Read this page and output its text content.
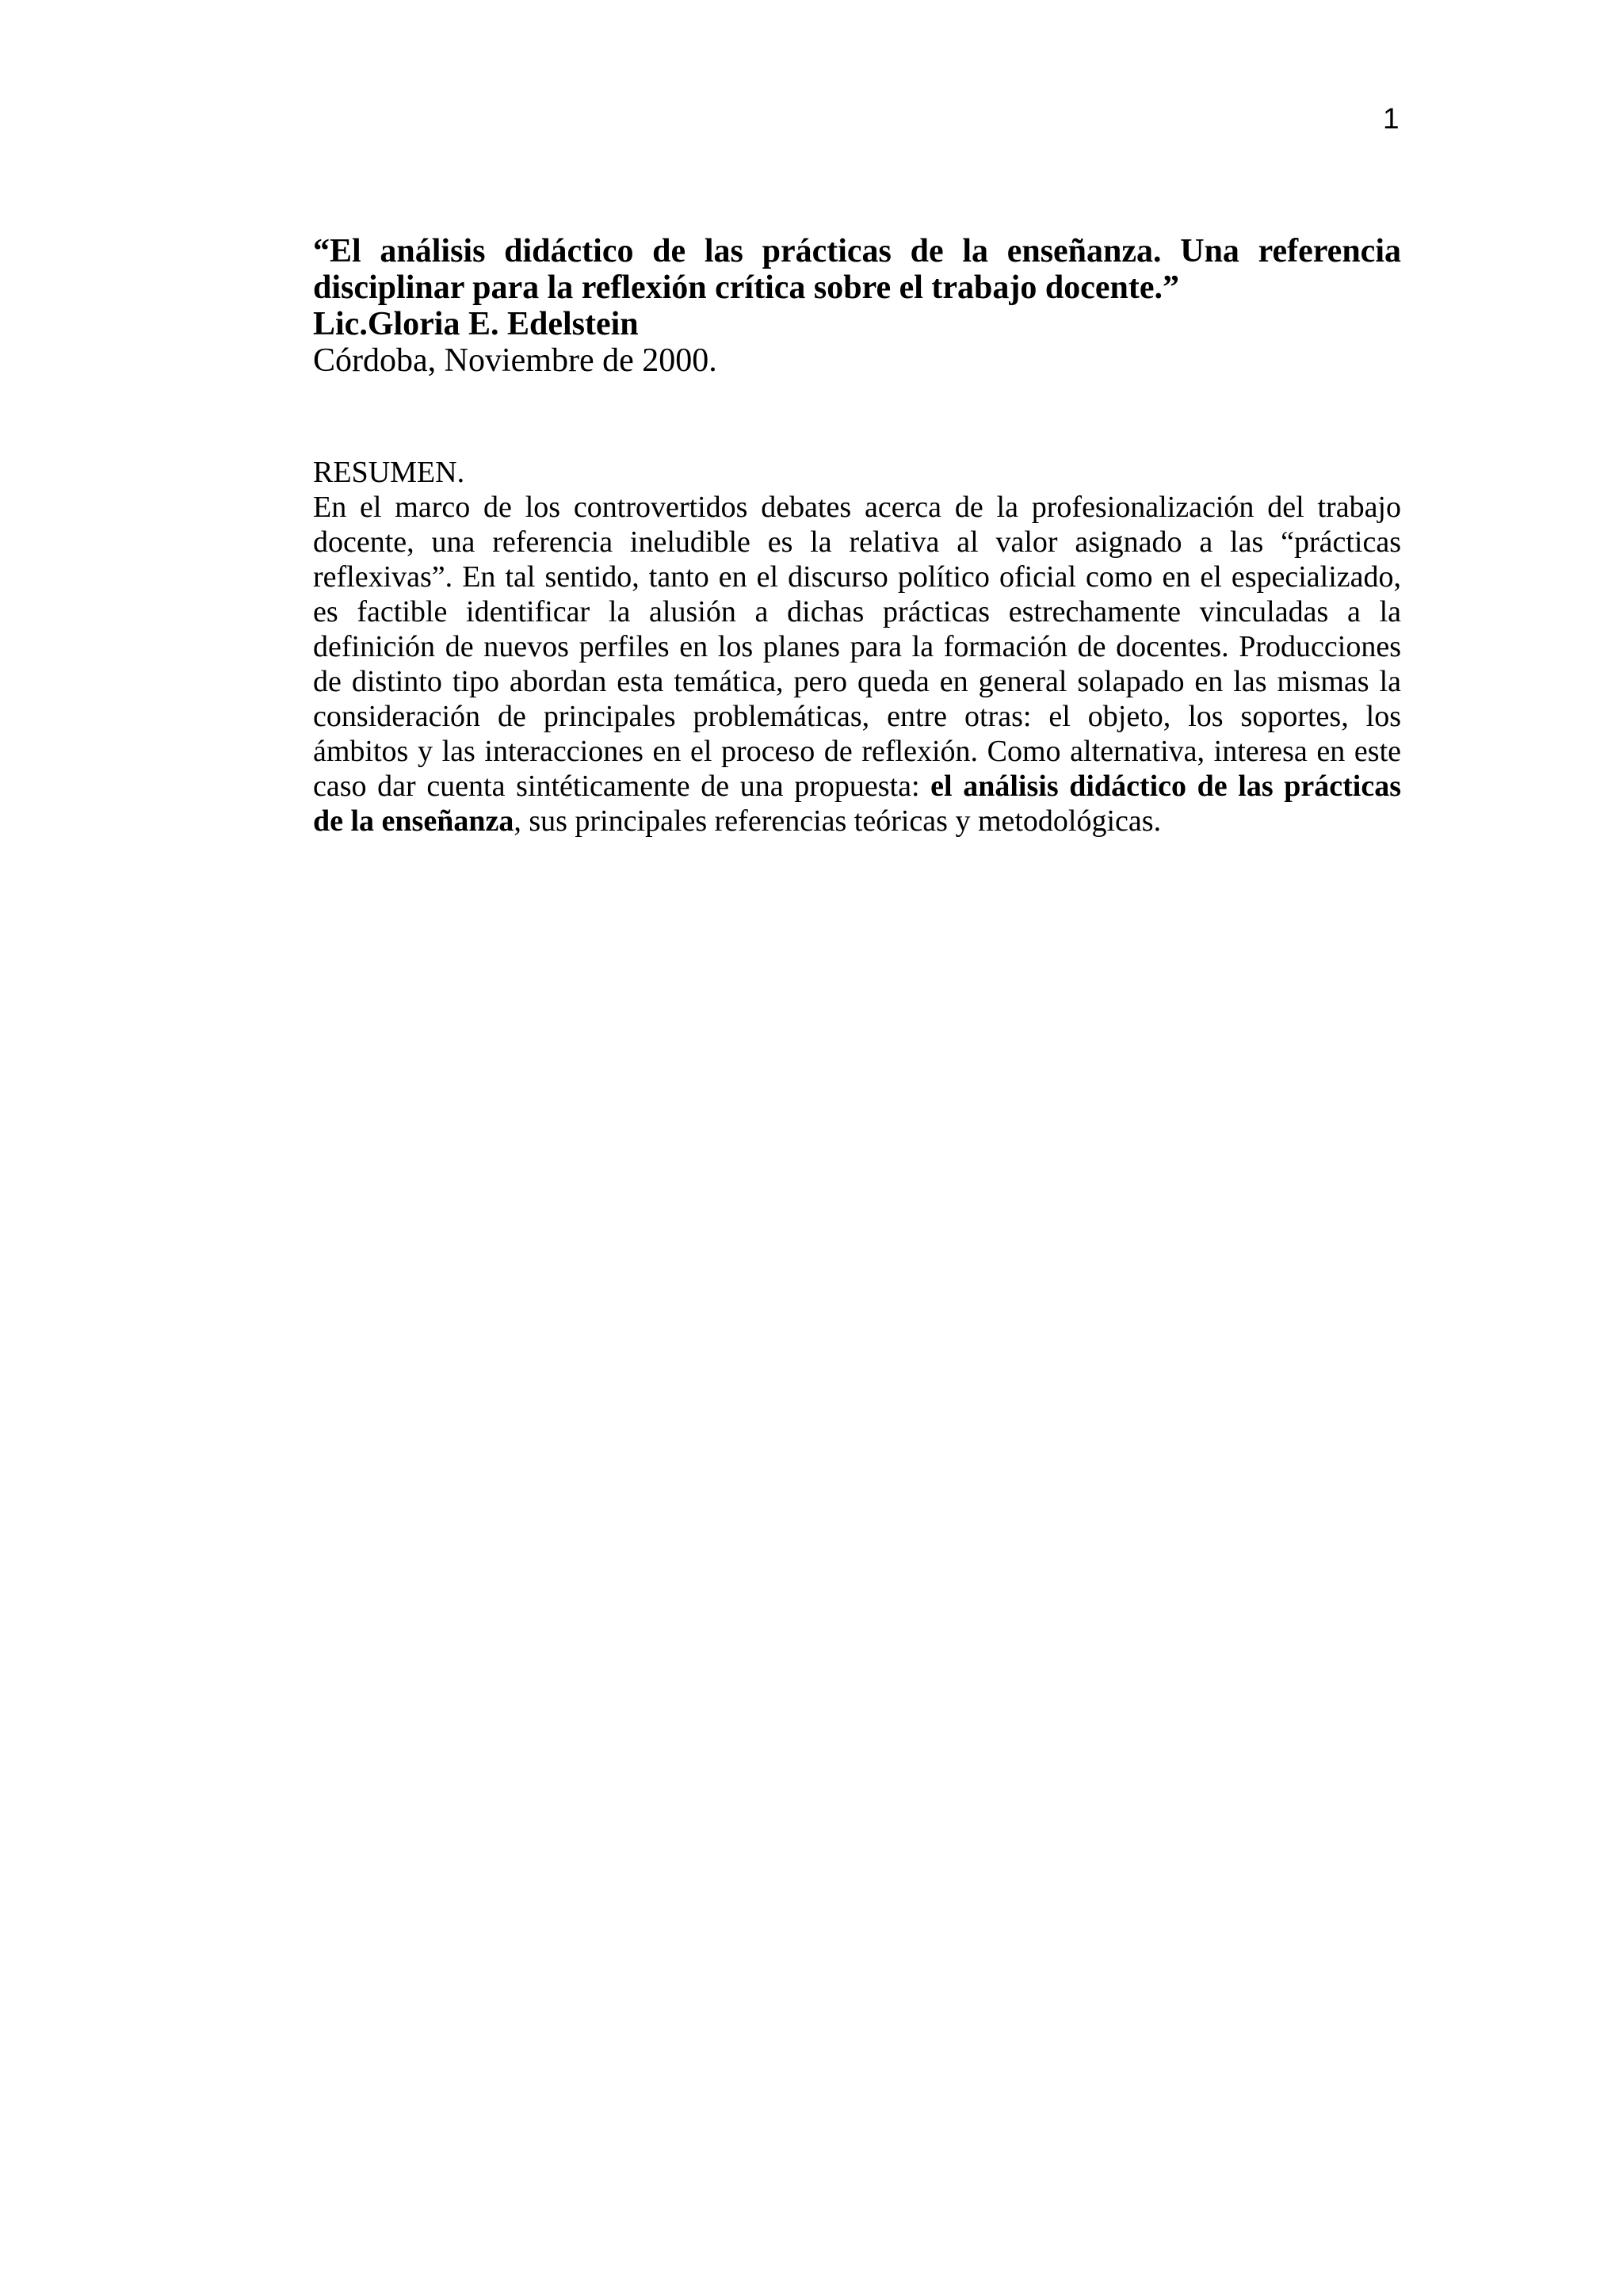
1
“El análisis didáctico de las prácticas de la enseñanza. Una referencia
disciplinar para la reflexión crítica sobre el trabajo docente.”
Lic.Gloria E. Edelstein
Córdoba, Noviembre de 2000.
RESUMEN.
En el marco de los controvertidos debates acerca de la profesionalización del trabajo
docente, una referencia ineludible es la relativa al valor asignado a las “prácticas
reflexivas”. En tal sentido, tanto en el discurso político oficial como en el especializado,
es factible identificar la alusión a dichas prácticas estrechamente vinculadas a la
definición de nuevos perfiles en los planes para la formación de docentes. Producciones
de distinto tipo abordan esta temática, pero queda en general solapado en las mismas la
consideración de principales problemáticas, entre otras: el objeto, los soportes, los
ámbitos y las interacciones en el proceso de reflexión. Como alternativa, interesa en este
caso dar cuenta sintéticamente de una propuesta: el análisis didáctico de las prácticas
de la enseñanza, sus principales referencias teóricas y metodológicas.
